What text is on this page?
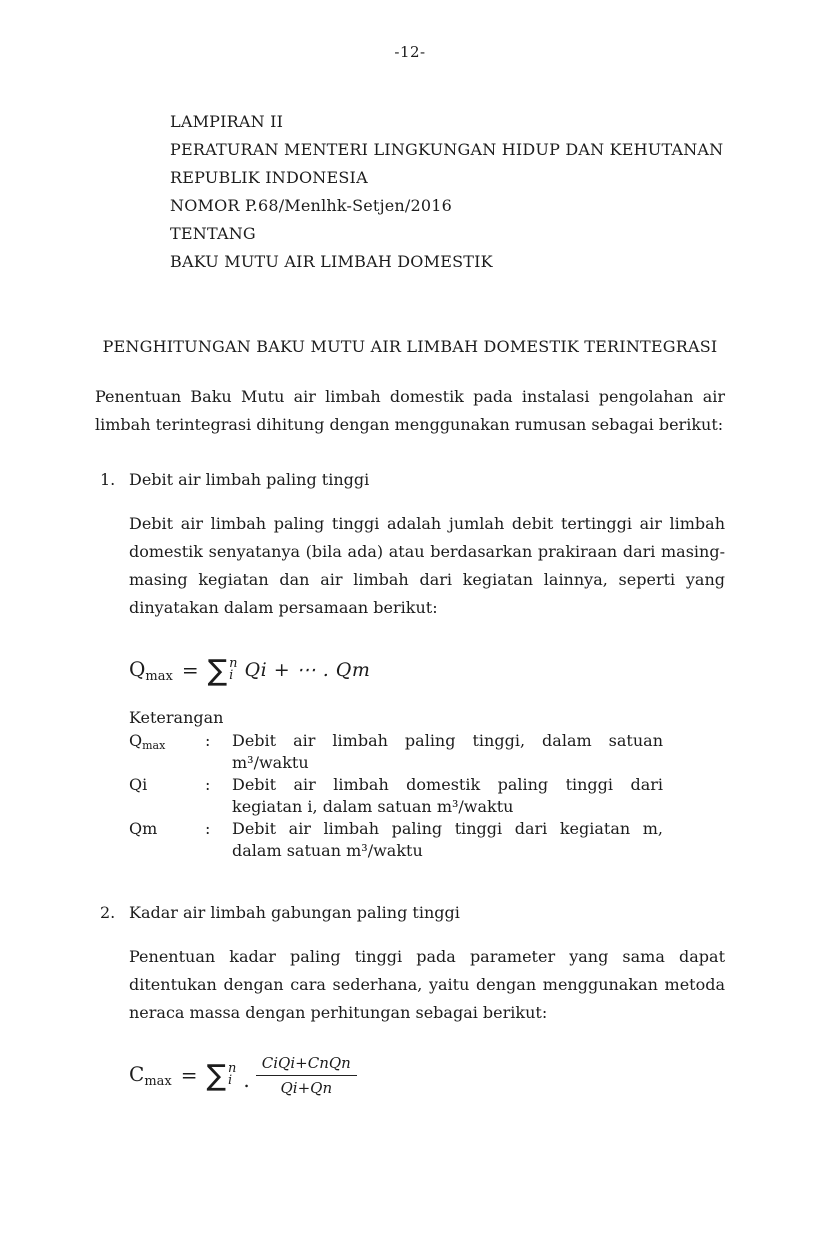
-12-
LAMPIRAN II
PERATURAN MENTERI LINGKUNGAN HIDUP DAN KEHUTANAN
REPUBLIK INDONESIA
NOMOR P.68/Menlhk-Setjen/2016
TENTANG
BAKU MUTU AIR LIMBAH DOMESTIK
PENGHITUNGAN BAKU MUTU AIR LIMBAH DOMESTIK TERINTEGRASI

Penentuan Baku Mutu air limbah domestik pada instalasi pengolahan air limbah terintegrasi dihitung dengan menggunakan rumusan sebagai berikut:

1. Debit air limbah paling tinggi

Debit air limbah paling tinggi adalah jumlah debit tertinggi air limbah domestik senyatanya (bila ada) atau berdasarkan prakiraan dari masing-masing kegiatan dan air limbah dari kegiatan lainnya, seperti yang dinyatakan dalam persamaan berikut:

$Q_{max}$ = ∑ n
i Qi + ⋯ . Qm
Keterangan
$Q_{max}$	:	Debit air limbah paling tinggi, dalam satuan m³/waktu
Qi	:	Debit air limbah domestik paling tinggi dari kegiatan i, dalam satuan m³/waktu
Qm	:	Debit air limbah paling tinggi dari kegiatan m, dalam satuan m³/waktu
2. Kadar air limbah gabungan paling tinggi

Penentuan kadar paling tinggi pada parameter yang sama dapat ditentukan dengan cara sederhana, yaitu dengan menggunakan metoda neraca massa dengan perhitungan sebagai berikut:

$C_{max}$ = ∑ n
i . $\frac{\text{CiQi+CnQn}}{Qi+Qn}$
